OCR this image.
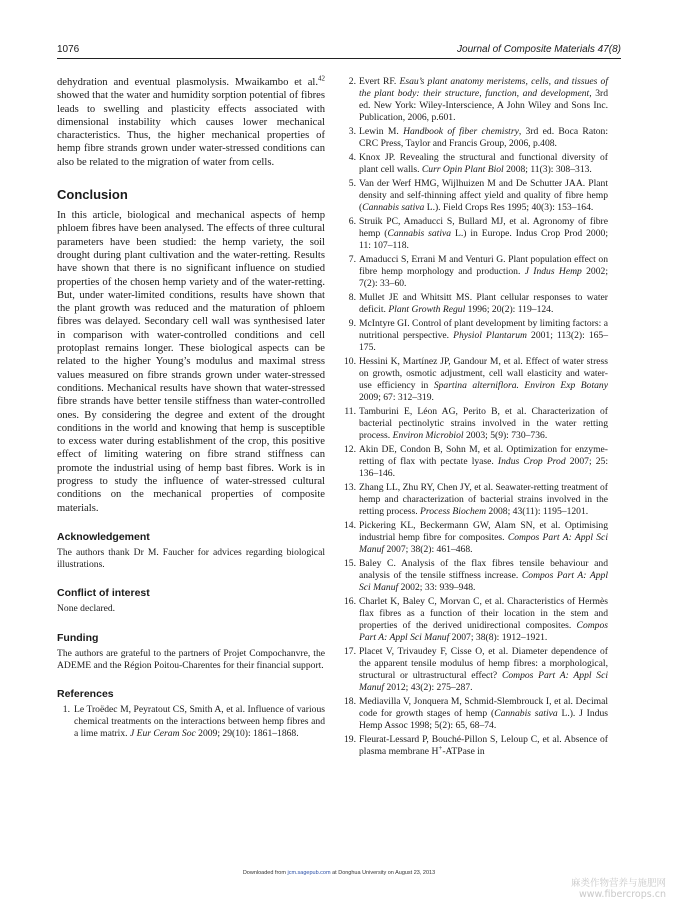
1076	Journal of Composite Materials 47(8)

dehydration and eventual plasmolysis. Mwaikambo et al.$^{42}$ showed that the water and humidity sorption potential of fibres leads to swelling and plasticity effects associated with dimensional instability which causes lower mechanical characteristics. Thus, the higher mechanical properties of hemp fibre strands grown under water-stressed conditions can also be related to the migration of water from cells.

Conclusion

In this article, biological and mechanical aspects of hemp phloem fibres have been analysed. The effects of three cultural parameters have been studied: the hemp variety, the soil drought during plant cultivation and the water-retting. Results have shown that there is no significant influence on studied properties of the chosen hemp variety and of the water-retting. But, under water-limited conditions, results have shown that the plant growth was reduced and the maturation of phloem fibres was delayed. Secondary cell wall was synthesised later in comparison with water-controlled conditions and cell protoplast remains longer. These biological aspects can be related to the higher Young’s modulus and maximal stress values measured on fibre strands grown under water-stressed conditions. Mechanical results have shown that water-stressed fibre strands have better tensile stiffness than water-controlled ones. By considering the degree and extent of the drought conditions in the world and knowing that hemp is susceptible to excess water during establishment of the crop, this positive effect of limiting watering on fibre strand stiffness can promote the industrial using of hemp bast fibres. Work is in progress to study the influence of water-stressed cultural conditions on the mechanical properties of composite materials.

Acknowledgement

The authors thank Dr M. Faucher for advices regarding biological illustrations.

Conflict of interest

None declared.

Funding

The authors are grateful to the partners of Projet Compochanvre, the ADEME and the Région Poitou-Charentes for their financial support.

References
1. Le Troëdec M, Peyratout CS, Smith A, et al. Influence of various chemical treatments on the interactions between hemp fibres and a lime matrix. J Eur Ceram Soc 2009; 29(10): 1861–1868.
2. Evert RF. Esau’s plant anatomy meristems, cells, and tissues of the plant body: their structure, function, and development, 3rd ed. New York: Wiley-Interscience, A John Wiley and Sons Inc. Publication, 2006, p.601.
3. Lewin M. Handbook of fiber chemistry, 3rd ed. Boca Raton: CRC Press, Taylor and Francis Group, 2006, p.408.
4. Knox JP. Revealing the structural and functional diversity of plant cell walls. Curr Opin Plant Biol 2008; 11(3): 308–313.
5. Van der Werf HMG, Wijlhuizen M and De Schutter JAA. Plant density and self-thinning affect yield and quality of fibre hemp (Cannabis sativa L.). Field Crops Res 1995; 40(3): 153–164.
6. Struik PC, Amaducci S, Bullard MJ, et al. Agronomy of fibre hemp (Cannabis sativa L.) in Europe. Indus Crop Prod 2000; 11: 107–118.
7. Amaducci S, Errani M and Venturi G. Plant population effect on fibre hemp morphology and production. J Indus Hemp 2002; 7(2): 33–60.
8. Mullet JE and Whitsitt MS. Plant cellular responses to water deficit. Plant Growth Regul 1996; 20(2): 119–124.
9. McIntyre GI. Control of plant development by limiting factors: a nutritional perspective. Physiol Plantarum 2001; 113(2): 165–175.
10. Hessini K, Martínez JP, Gandour M, et al. Effect of water stress on growth, osmotic adjustment, cell wall elasticity and water-use efficiency in Spartina alterniflora. Environ Exp Botany 2009; 67: 312–319.
11. Tamburini E, Léon AG, Perito B, et al. Characterization of bacterial pectinolytic strains involved in the water retting process. Environ Microbiol 2003; 5(9): 730–736.
12. Akin DE, Condon B, Sohn M, et al. Optimization for enzyme-retting of flax with pectate lyase. Indus Crop Prod 2007; 25: 136–146.
13. Zhang LL, Zhu RY, Chen JY, et al. Seawater-retting treatment of hemp and characterization of bacterial strains involved in the retting process. Process Biochem 2008; 43(11): 1195–1201.
14. Pickering KL, Beckermann GW, Alam SN, et al. Optimising industrial hemp fibre for composites. Compos Part A: Appl Sci Manuf 2007; 38(2): 461–468.
15. Baley C. Analysis of the flax fibres tensile behaviour and analysis of the tensile stiffness increase. Compos Part A: Appl Sci Manuf 2002; 33: 939–948.
16. Charlet K, Baley C, Morvan C, et al. Characteristics of Hermès flax fibres as a function of their location in the stem and properties of the derived unidirectional composites. Compos Part A: Appl Sci Manuf 2007; 38(8): 1912–1921.
17. Placet V, Trivaudey F, Cisse O, et al. Diameter dependence of the apparent tensile modulus of hemp fibres: a morphological, structural or ultrastructural effect? Compos Part A: Appl Sci Manuf 2012; 43(2): 275–287.
18. Mediavilla V, Jonquera M, Schmid-Slembrouck I, et al. Decimal code for growth stages of hemp (Cannabis sativa L.). J Indus Hemp Assoc 1998; 5(2): 65, 68–74.
19. Fleurat-Lessard P, Bouché-Pillon S, Leloup C, et al. Absence of plasma membrane H+-ATPase in
Downloaded from jcm.sagepub.com at Donghua University on August 23, 2013
麻类作物营养与施肥网
www.fibercrops.cn
